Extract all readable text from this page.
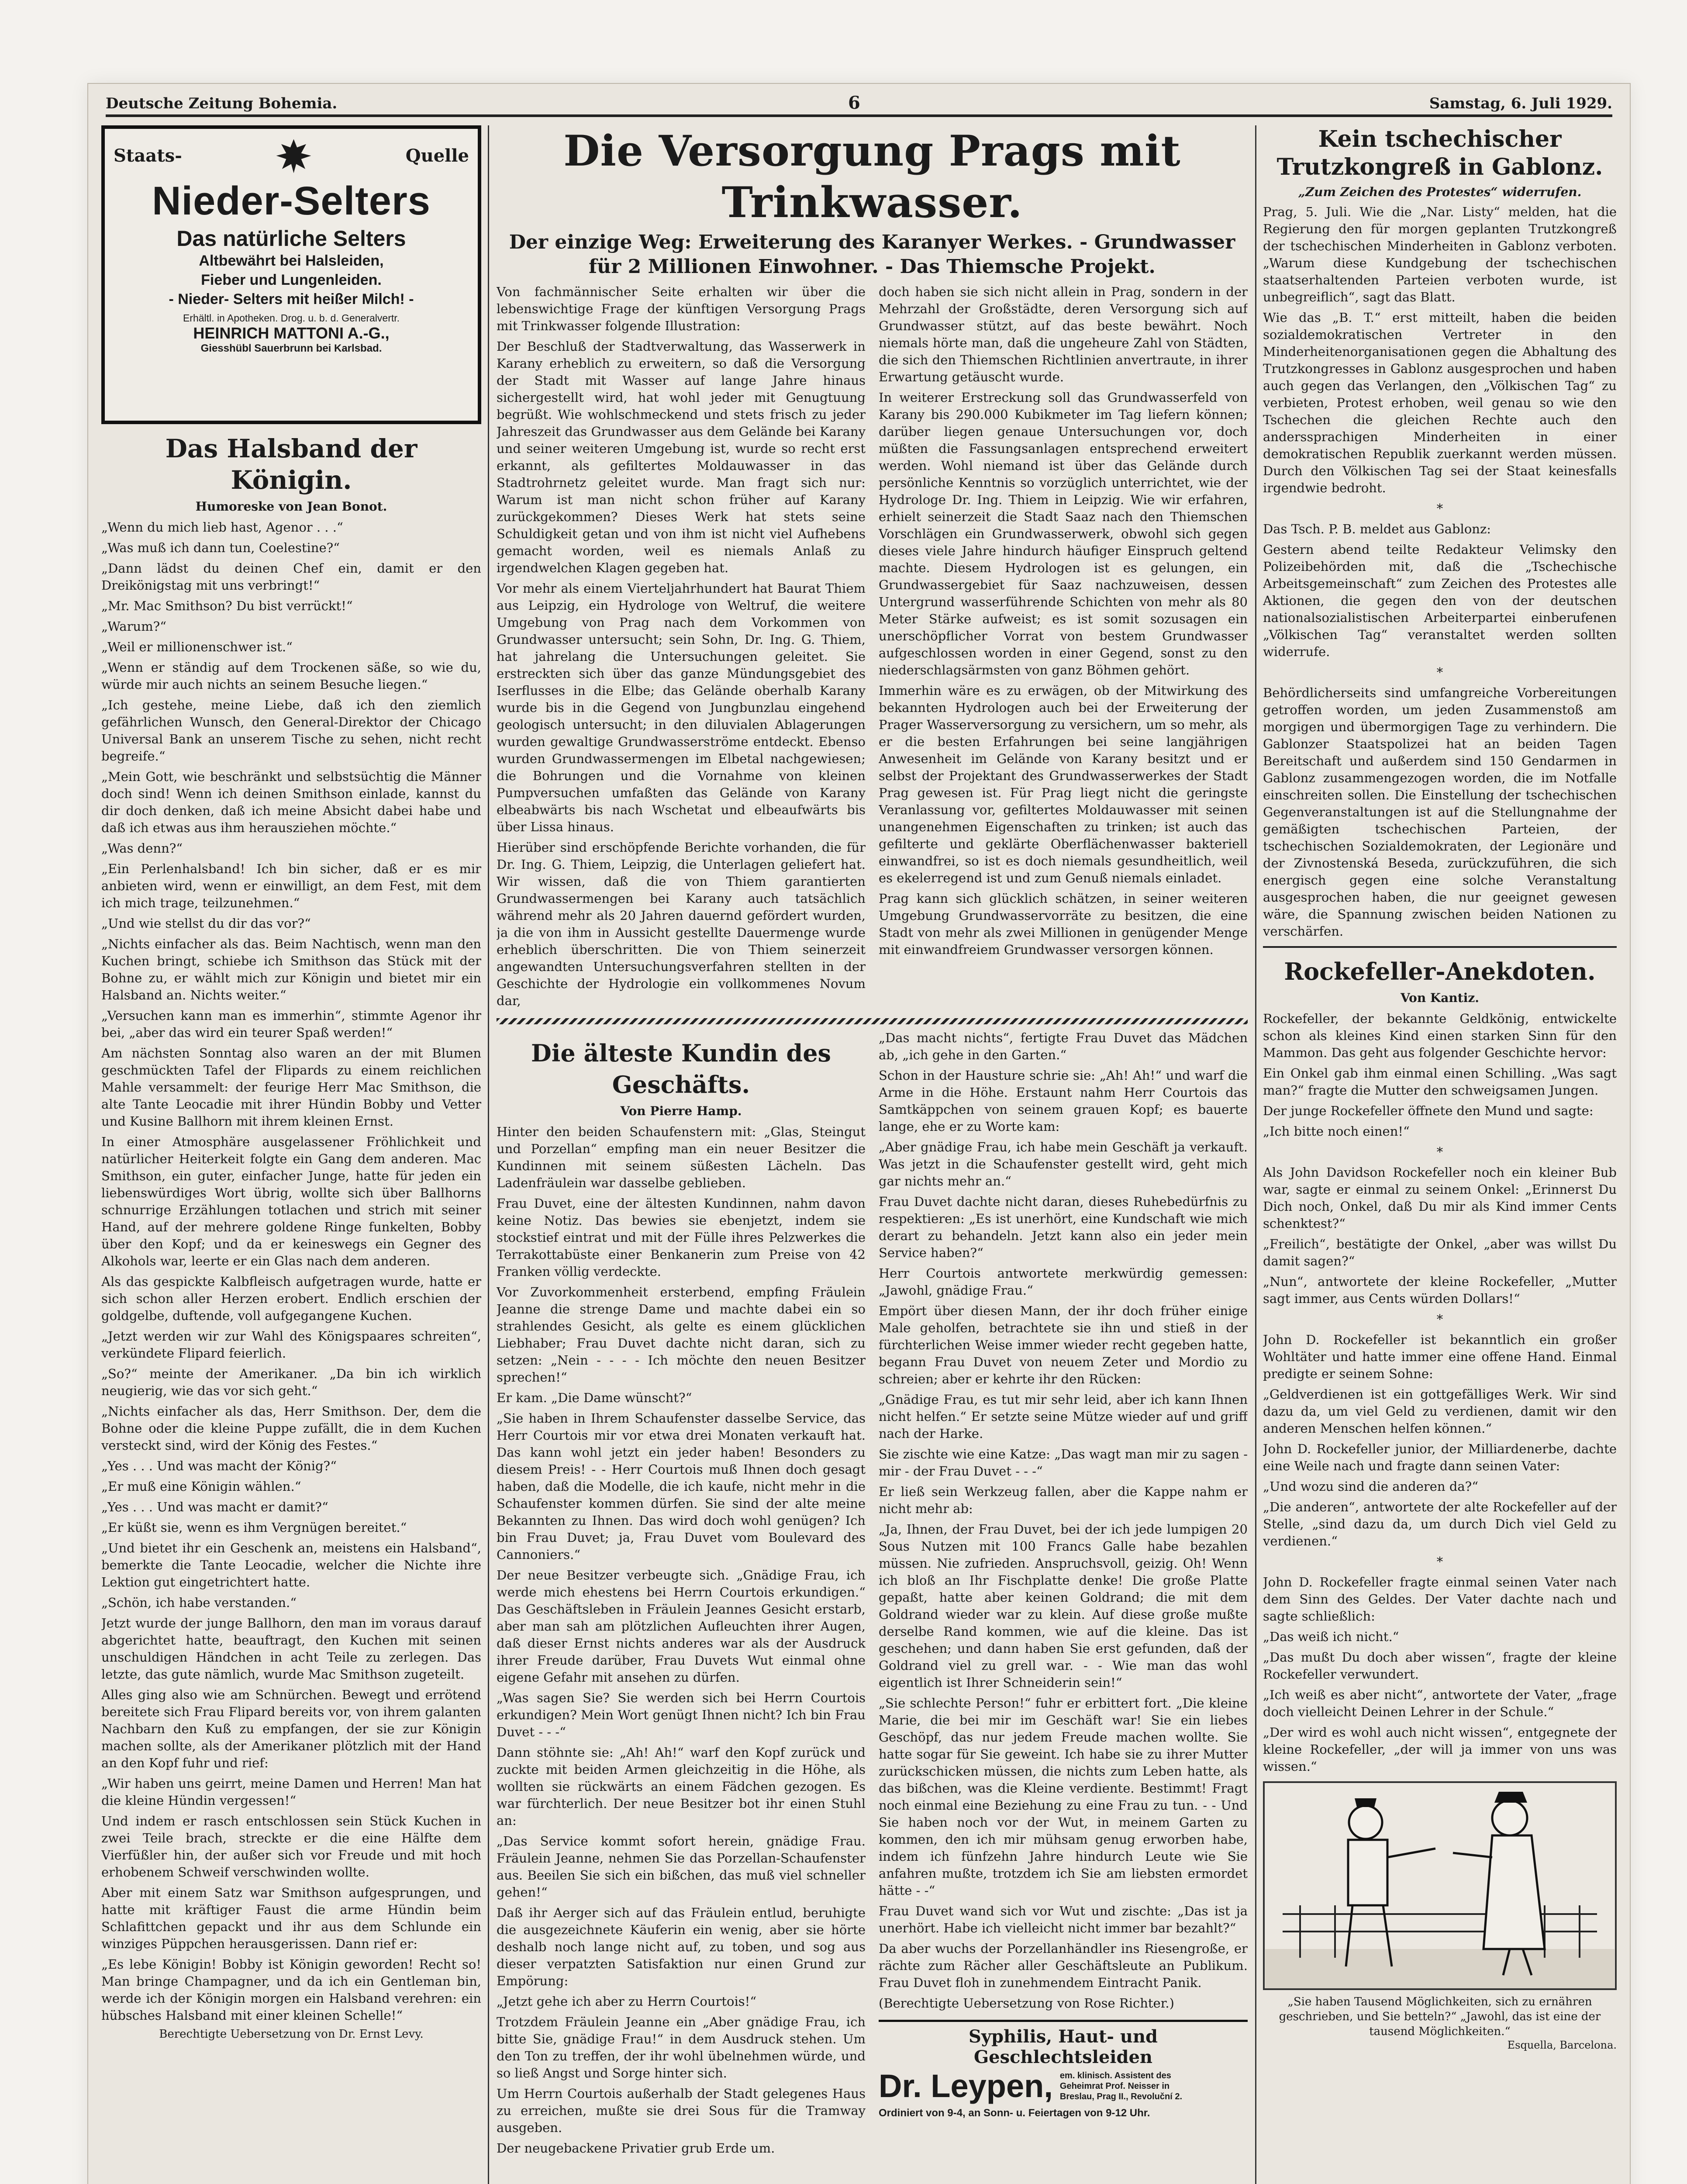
Deutsche Zeitung Bohemia.	6	Samstag, 6. Juli 1929.
Staats-	Quelle
Nieder-Selters
Das natürliche Selters
Altbewährt bei Halsleiden,
Fieber und Lungenleiden.
- Nieder- Selters mit heißer Milch! -
Erhältl. in Apotheken. Drog. u. b. d. Generalvertr.
HEINRICH MATTONI A.-G.,
Giesshübl Sauerbrunn bei Karlsbad.
Das Halsband der Königin.
Humoreske von Jean Bonot.

„Wenn du mich lieb hast, Agenor . . .“

„Was muß ich dann tun, Coelestine?“

„Dann lädst du deinen Chef ein, damit er den Dreikönigstag mit uns verbringt!“

„Mr. Mac Smithson? Du bist verrückt!“

„Warum?“

„Weil er millionenschwer ist.“

„Wenn er ständig auf dem Trockenen säße, so wie du, würde mir auch nichts an seinem Besuche liegen.“

„Ich gestehe, meine Liebe, daß ich den ziemlich gefährlichen Wunsch, den General-Direktor der Chicago Universal Bank an unserem Tische zu sehen, nicht recht begreife.“

„Mein Gott, wie beschränkt und selbstsüchtig die Männer doch sind! Wenn ich deinen Smithson einlade, kannst du dir doch denken, daß ich meine Absicht dabei habe und daß ich etwas aus ihm herausziehen möchte.“

„Was denn?“

„Ein Perlenhalsband! Ich bin sicher, daß er es mir anbieten wird, wenn er einwilligt, an dem Fest, mit dem ich mich trage, teilzunehmen.“

„Und wie stellst du dir das vor?“

„Nichts einfacher als das. Beim Nachtisch, wenn man den Kuchen bringt, schiebe ich Smithson das Stück mit der Bohne zu, er wählt mich zur Königin und bietet mir ein Halsband an. Nichts weiter.“

„Versuchen kann man es immerhin“, stimmte Agenor ihr bei, „aber das wird ein teurer Spaß werden!“

Am nächsten Sonntag also waren an der mit Blumen geschmückten Tafel der Flipards zu einem reichlichen Mahle versammelt: der feurige Herr Mac Smithson, die alte Tante Leocadie mit ihrer Hündin Bobby und Vetter und Kusine Ballhorn mit ihrem kleinen Ernst.

In einer Atmosphäre ausgelassener Fröhlichkeit und natürlicher Heiterkeit folgte ein Gang dem anderen. Mac Smithson, ein guter, einfacher Junge, hatte für jeden ein liebenswürdiges Wort übrig, wollte sich über Ballhorns schnurrige Erzählungen totlachen und strich mit seiner Hand, auf der mehrere goldene Ringe funkelten, Bobby über den Kopf; und da er keineswegs ein Gegner des Alkohols war, leerte er ein Glas nach dem anderen.

Als das gespickte Kalbfleisch aufgetragen wurde, hatte er sich schon aller Herzen erobert. Endlich erschien der goldgelbe, duftende, voll aufgegangene Kuchen.

„Jetzt werden wir zur Wahl des Königspaares schreiten“, verkündete Flipard feierlich.

„So?“ meinte der Amerikaner. „Da bin ich wirklich neugierig, wie das vor sich geht.“

„Nichts einfacher als das, Herr Smithson. Der, dem die Bohne oder die kleine Puppe zufällt, die in dem Kuchen versteckt sind, wird der König des Festes.“

„Yes . . . Und was macht der König?“

„Er muß eine Königin wählen.“

„Yes . . . Und was macht er damit?“

„Er küßt sie, wenn es ihm Vergnügen bereitet.“

„Und bietet ihr ein Geschenk an, meistens ein Halsband“, bemerkte die Tante Leocadie, welcher die Nichte ihre Lektion gut eingetrichtert hatte.

„Schön, ich habe verstanden.“

Jetzt wurde der junge Ballhorn, den man im voraus darauf abgerichtet hatte, beauftragt, den Kuchen mit seinen unschuldigen Händchen in acht Teile zu zerlegen. Das letzte, das gute nämlich, wurde Mac Smithson zugeteilt.

Alles ging also wie am Schnürchen. Bewegt und errötend bereitete sich Frau Flipard bereits vor, von ihrem galanten Nachbarn den Kuß zu empfangen, der sie zur Königin machen sollte, als der Amerikaner plötzlich mit der Hand an den Kopf fuhr und rief:

„Wir haben uns geirrt, meine Damen und Herren! Man hat die kleine Hündin vergessen!“

Und indem er rasch entschlossen sein Stück Kuchen in zwei Teile brach, streckte er die eine Hälfte dem Vierfüßler hin, der außer sich vor Freude und mit hoch erhobenem Schweif verschwinden wollte.

Aber mit einem Satz war Smithson aufgesprungen, und hatte mit kräftiger Faust die arme Hündin beim Schlafittchen gepackt und ihr aus dem Schlunde ein winziges Püppchen herausgerissen. Dann rief er:

„Es lebe Königin! Bobby ist Königin geworden! Recht so! Man bringe Champagner, und da ich ein Gentleman bin, werde ich der Königin morgen ein Halsband verehren: ein hübsches Halsband mit einer kleinen Schelle!“

Berechtigte Uebersetzung von Dr. Ernst Levy.
Die Versorgung Prags mit Trinkwasser.
Der einzige Weg: Erweiterung des Karanyer Werkes. - Grundwasser für 2 Millionen Einwohner. - Das Thiemsche Projekt.

Von fachmännischer Seite erhalten wir über die lebenswichtige Frage der künftigen Versorgung Prags mit Trinkwasser folgende Illustration:

Der Beschluß der Stadtverwaltung, das Wasserwerk in Karany erheblich zu erweitern, so daß die Versorgung der Stadt mit Wasser auf lange Jahre hinaus sichergestellt wird, hat wohl jeder mit Genugtuung begrüßt. Wie wohlschmeckend und stets frisch zu jeder Jahreszeit das Grundwasser aus dem Gelände bei Karany und seiner weiteren Umgebung ist, wurde so recht erst erkannt, als gefiltertes Moldauwasser in das Stadtrohrnetz geleitet wurde. Man fragt sich nur: Warum ist man nicht schon früher auf Karany zurückgekommen? Dieses Werk hat stets seine Schuldigkeit getan und von ihm ist nicht viel Aufhebens gemacht worden, weil es niemals Anlaß zu irgendwelchen Klagen gegeben hat.

Vor mehr als einem Vierteljahrhundert hat Baurat Thiem aus Leipzig, ein Hydrologe von Weltruf, die weitere Umgebung von Prag nach dem Vorkommen von Grundwasser untersucht; sein Sohn, Dr. Ing. G. Thiem, hat jahrelang die Untersuchungen geleitet. Sie erstreckten sich über das ganze Mündungsgebiet des Iserflusses in die Elbe; das Gelände oberhalb Karany wurde bis in die Gegend von Jungbunzlau eingehend geologisch untersucht; in den diluvialen Ablagerungen wurden gewaltige Grundwasserströme entdeckt. Ebenso wurden Grundwassermengen im Elbetal nachgewiesen; die Bohrungen und die Vornahme von kleinen Pumpversuchen umfaßten das Gelände von Karany elbeabwärts bis nach Wschetat und elbeaufwärts bis über Lissa hinaus.

Hierüber sind erschöpfende Berichte vorhanden, die für Dr. Ing. G. Thiem, Leipzig, die Unterlagen geliefert hat. Wir wissen, daß die von Thiem garantierten Grundwassermengen bei Karany auch tatsächlich während mehr als 20 Jahren dauernd gefördert wurden, ja die von ihm in Aussicht gestellte Dauermenge wurde erheblich überschritten. Die von Thiem seinerzeit angewandten Untersuchungsverfahren stellten in der Geschichte der Hydrologie ein vollkommenes Novum dar,

doch haben sie sich nicht allein in Prag, sondern in der Mehrzahl der Großstädte, deren Versorgung sich auf Grundwasser stützt, auf das beste bewährt. Noch niemals hörte man, daß die ungeheure Zahl von Städten, die sich den Thiemschen Richtlinien anvertraute, in ihrer Erwartung getäuscht wurde.

In weiterer Erstreckung soll das Grundwasserfeld von Karany bis 290.000 Kubikmeter im Tag liefern können; darüber liegen genaue Untersuchungen vor, doch müßten die Fassungsanlagen entsprechend erweitert werden. Wohl niemand ist über das Gelände durch persönliche Kenntnis so vorzüglich unterrichtet, wie der Hydrologe Dr. Ing. Thiem in Leipzig. Wie wir erfahren, erhielt seinerzeit die Stadt Saaz nach den Thiemschen Vorschlägen ein Grundwasserwerk, obwohl sich gegen dieses viele Jahre hindurch häufiger Einspruch geltend machte. Diesem Hydrologen ist es gelungen, ein Grundwassergebiet für Saaz nachzuweisen, dessen Untergrund wasserführende Schichten von mehr als 80 Meter Stärke aufweist; es ist somit sozusagen ein unerschöpflicher Vorrat von bestem Grundwasser aufgeschlossen worden in einer Gegend, sonst zu den niederschlagsärmsten von ganz Böhmen gehört.

Immerhin wäre es zu erwägen, ob der Mitwirkung des bekannten Hydrologen auch bei der Erweiterung der Prager Wasserversorgung zu versichern, um so mehr, als er die besten Erfahrungen bei seine langjährigen Anwesenheit im Gelände von Karany besitzt und er selbst der Projektant des Grundwasserwerkes der Stadt Prag gewesen ist. Für Prag liegt nicht die geringste Veranlassung vor, gefiltertes Moldauwasser mit seinen unangenehmen Eigenschaften zu trinken; ist auch das gefilterte und geklärte Oberflächenwasser bakteriell einwandfrei, so ist es doch niemals gesundheitlich, weil es ekelerregend ist und zum Genuß niemals einladet.

Prag kann sich glücklich schätzen, in seiner weiteren Umgebung Grundwasservorräte zu besitzen, die eine Stadt von mehr als zwei Millionen in genügender Menge mit einwandfreiem Grundwasser versorgen können.

Die älteste Kundin des Geschäfts.
Von Pierre Hamp.

Hinter den beiden Schaufenstern mit: „Glas, Steingut und Porzellan“ empfing man ein neuer Besitzer die Kundinnen mit seinem süßesten Lächeln. Das Ladenfräulein war dasselbe geblieben.

Frau Duvet, eine der ältesten Kundinnen, nahm davon keine Notiz. Das bewies sie ebenjetzt, indem sie stockstief eintrat und mit der Fülle ihres Pelzwerkes die Terrakottabüste einer Benkanerin zum Preise von 42 Franken völlig verdeckte.

Vor Zuvorkommenheit ersterbend, empfing Fräulein Jeanne die strenge Dame und machte dabei ein so strahlendes Gesicht, als gelte es einem glücklichen Liebhaber; Frau Duvet dachte nicht daran, sich zu setzen: „Nein - - - - Ich möchte den neuen Besitzer sprechen!“

Er kam. „Die Dame wünscht?“

„Sie haben in Ihrem Schaufenster dasselbe Service, das Herr Courtois mir vor etwa drei Monaten verkauft hat. Das kann wohl jetzt ein jeder haben! Besonders zu diesem Preis! - - Herr Courtois muß Ihnen doch gesagt haben, daß die Modelle, die ich kaufe, nicht mehr in die Schaufenster kommen dürfen. Sie sind der alte meine Bekannten zu Ihnen. Das wird doch wohl genügen? Ich bin Frau Duvet; ja, Frau Duvet vom Boulevard des Cannoniers.“

Der neue Besitzer verbeugte sich. „Gnädige Frau, ich werde mich ehestens bei Herrn Courtois erkundigen.“ Das Geschäftsleben in Fräulein Jeannes Gesicht erstarb, aber man sah am plötzlichen Aufleuchten ihrer Augen, daß dieser Ernst nichts anderes war als der Ausdruck ihrer Freude darüber, Frau Duvets Wut einmal ohne eigene Gefahr mit ansehen zu dürfen.

„Was sagen Sie? Sie werden sich bei Herrn Courtois erkundigen? Mein Wort genügt Ihnen nicht? Ich bin Frau Duvet - - -“

Dann stöhnte sie: „Ah! Ah!“ warf den Kopf zurück und zuckte mit beiden Armen gleichzeitig in die Höhe, als wollten sie rückwärts an einem Fädchen gezogen. Es war fürchterlich. Der neue Besitzer bot ihr einen Stuhl an:

„Das Service kommt sofort herein, gnädige Frau. Fräulein Jeanne, nehmen Sie das Porzellan-Schaufenster aus. Beeilen Sie sich ein bißchen, das muß viel schneller gehen!“

Daß ihr Aerger sich auf das Fräulein entlud, beruhigte die ausgezeichnete Käuferin ein wenig, aber sie hörte deshalb noch lange nicht auf, zu toben, und sog aus dieser verpatzten Satisfaktion nur einen Grund zur Empörung:

„Jetzt gehe ich aber zu Herrn Courtois!“

Trotzdem Fräulein Jeanne ein „Aber gnädige Frau, ich bitte Sie, gnädige Frau!“ in dem Ausdruck stehen. Um den Ton zu treffen, der ihr wohl übelnehmen würde, und so ließ Angst und Sorge hinter sich.

Um Herrn Courtois außerhalb der Stadt gelegenes Haus zu erreichen, mußte sie drei Sous für die Tramway ausgeben.

Der neugebackene Privatier grub Erde um.

„Das macht nichts“, fertigte Frau Duvet das Mädchen ab, „ich gehe in den Garten.“

Schon in der Hausture schrie sie: „Ah! Ah!“ und warf die Arme in die Höhe. Erstaunt nahm Herr Courtois das Samtkäppchen von seinem grauen Kopf; es bauerte lange, ehe er zu Worte kam:

„Aber gnädige Frau, ich habe mein Geschäft ja verkauft. Was jetzt in die Schaufenster gestellt wird, geht mich gar nichts mehr an.“

Frau Duvet dachte nicht daran, dieses Ruhebedürfnis zu respektieren: „Es ist unerhört, eine Kundschaft wie mich derart zu behandeln. Jetzt kann also ein jeder mein Service haben?“

Herr Courtois antwortete merkwürdig gemessen: „Jawohl, gnädige Frau.“

Empört über diesen Mann, der ihr doch früher einige Male geholfen, betrachtete sie ihn und stieß in der fürchterlichen Weise immer wieder recht gegeben hatte, begann Frau Duvet von neuem Zeter und Mordio zu schreien; aber er kehrte ihr den Rücken:

„Gnädige Frau, es tut mir sehr leid, aber ich kann Ihnen nicht helfen.“ Er setzte seine Mütze wieder auf und griff nach der Harke.

Sie zischte wie eine Katze: „Das wagt man mir zu sagen - mir - der Frau Duvet - - -“

Er ließ sein Werkzeug fallen, aber die Kappe nahm er nicht mehr ab:

„Ja, Ihnen, der Frau Duvet, bei der ich jede lumpigen 20 Sous Nutzen mit 100 Francs Galle habe bezahlen müssen. Nie zufrieden. Anspruchsvoll, geizig. Oh! Wenn ich bloß an Ihr Fischplatte denke! Die große Platte gepaßt, hatte aber keinen Goldrand; die mit dem Goldrand wieder war zu klein. Auf diese große mußte derselbe Rand kommen, wie auf die kleine. Das ist geschehen; und dann haben Sie erst gefunden, daß der Goldrand viel zu grell war. - - Wie man das wohl eigentlich ist Ihrer Schneiderin sein!“

„Sie schlechte Person!“ fuhr er erbittert fort. „Die kleine Marie, die bei mir im Geschäft war! Sie ein liebes Geschöpf, das nur jedem Freude machen wollte. Sie hatte sogar für Sie geweint. Ich habe sie zu ihrer Mutter zurückschicken müssen, die nichts zum Leben hatte, als das bißchen, was die Kleine verdiente. Bestimmt! Fragt noch einmal eine Beziehung zu eine Frau zu tun. - - Und Sie haben noch vor der Wut, in meinem Garten zu kommen, den ich mir mühsam genug erworben habe, indem ich fünfzehn Jahre hindurch Leute wie Sie anfahren mußte, trotzdem ich Sie am liebsten ermordet hätte - -“

Frau Duvet wand sich vor Wut und zischte: „Das ist ja unerhört. Habe ich vielleicht nicht immer bar bezahlt?“

Da aber wuchs der Porzellanhändler ins Riesengroße, er rächte zum Rächer aller Geschäftsleute an Publikum. Frau Duvet floh in zunehmendem Eintracht Panik.

(Berechtigte Uebersetzung von Rose Richter.)

Syphilis, Haut- und Geschlechtsleiden
Dr. Leypen, em. klinisch. Assistent des
Geheimrat Prof. Neisser in
Breslau, Prag II., Revoluční 2.
Ordiniert von 9-4, an Sonn- u. Feiertagen von 9-12 Uhr.
Kein tschechischer Trutzkongreß in Gablonz.
„Zum Zeichen des Protestes“ widerrufen.

Prag, 5. Juli. Wie die „Nar. Listy“ melden, hat die Regierung den für morgen geplanten Trutzkongreß der tschechischen Minderheiten in Gablonz verboten. „Warum diese Kundgebung der tschechischen staatserhaltenden Parteien verboten wurde, ist unbegreiflich“, sagt das Blatt.

Wie das „B. T.“ erst mitteilt, haben die beiden sozialdemokratischen Vertreter in den Minderheitenorganisationen gegen die Abhaltung des Trutzkongresses in Gablonz ausgesprochen und haben auch gegen das Verlangen, den „Völkischen Tag“ zu verbieten, Protest erhoben, weil genau so wie den Tschechen die gleichen Rechte auch den anderssprachigen Minderheiten in einer demokratischen Republik zuerkannt werden müssen. Durch den Völkischen Tag sei der Staat keinesfalls irgendwie bedroht.

*

Das Tsch. P. B. meldet aus Gablonz:

Gestern abend teilte Redakteur Velimsky den Polizeibehörden mit, daß die „Tschechische Arbeitsgemeinschaft“ zum Zeichen des Protestes alle Aktionen, die gegen den von der deutschen nationalsozialistischen Arbeiterpartei einberufenen „Völkischen Tag“ veranstaltet werden sollten widerrufe.

*

Behördlicherseits sind umfangreiche Vorbereitungen getroffen worden, um jeden Zusammenstoß am morgigen und übermorgigen Tage zu verhindern. Die Gablonzer Staatspolizei hat an beiden Tagen Bereitschaft und außerdem sind 150 Gendarmen in Gablonz zusammengezogen worden, die im Notfalle einschreiten sollen. Die Einstellung der tschechischen Gegenveranstaltungen ist auf die Stellungnahme der gemäßigten tschechischen Parteien, der tschechischen Sozialdemokraten, der Legionäre und der Zivnostenská Beseda, zurückzuführen, die sich energisch gegen eine solche Veranstaltung ausgesprochen haben, die nur geeignet gewesen wäre, die Spannung zwischen beiden Nationen zu verschärfen.

Rockefeller-Anekdoten.
Von Kantiz.

Rockefeller, der bekannte Geldkönig, entwickelte schon als kleines Kind einen starken Sinn für den Mammon. Das geht aus folgender Geschichte hervor:

Ein Onkel gab ihm einmal einen Schilling. „Was sagt man?“ fragte die Mutter den schweigsamen Jungen.

Der junge Rockefeller öffnete den Mund und sagte:

„Ich bitte noch einen!“

*

Als John Davidson Rockefeller noch ein kleiner Bub war, sagte er einmal zu seinem Onkel: „Erinnerst Du Dich noch, Onkel, daß Du mir als Kind immer Cents schenktest?“

„Freilich“, bestätigte der Onkel, „aber was willst Du damit sagen?“

„Nun“, antwortete der kleine Rockefeller, „Mutter sagt immer, aus Cents würden Dollars!“

*

John D. Rockefeller ist bekanntlich ein großer Wohltäter und hatte immer eine offene Hand. Einmal predigte er seinem Sohne:

„Geldverdienen ist ein gottgefälliges Werk. Wir sind dazu da, um viel Geld zu verdienen, damit wir den anderen Menschen helfen können.“

John D. Rockefeller junior, der Milliardenerbe, dachte eine Weile nach und fragte dann seinen Vater:

„Und wozu sind die anderen da?“

„Die anderen“, antwortete der alte Rockefeller auf der Stelle, „sind dazu da, um durch Dich viel Geld zu verdienen.“

*

John D. Rockefeller fragte einmal seinen Vater nach dem Sinn des Geldes. Der Vater dachte nach und sagte schließlich:

„Das weiß ich nicht.“

„Das mußt Du doch aber wissen“, fragte der kleine Rockefeller verwundert.

„Ich weiß es aber nicht“, antwortete der Vater, „frage doch vielleicht Deinen Lehrer in der Schule.“

„Der wird es wohl auch nicht wissen“, entgegnete der kleine Rockefeller, „der will ja immer von uns was wissen.“

„Sie haben Tausend Möglichkeiten, sich zu ernähren geschrieben, und Sie betteln?“ „Jawohl, das ist eine der tausend Möglichkeiten.“
Esquella, Barcelona.
